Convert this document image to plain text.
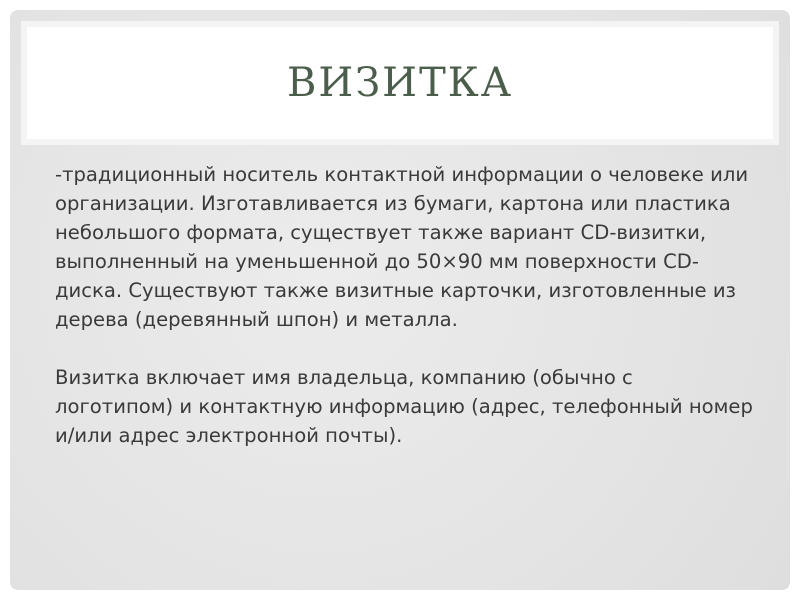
ВИЗИТКА

-традиционный носитель контактной информации о человеке или организации. Изготавливается из бумаги, картона или пластика небольшого формата, существует также вариант CD-визитки, выполненный на уменьшенной до 50×90 мм поверхности CD-диска. Существуют также визитные карточки, изготовленные из дерева (деревянный шпон) и металла.

Визитка включает имя владельца, компанию (обычно с логотипом) и контактную информацию (адрес, телефонный номер и/или адрес электронной почты).
